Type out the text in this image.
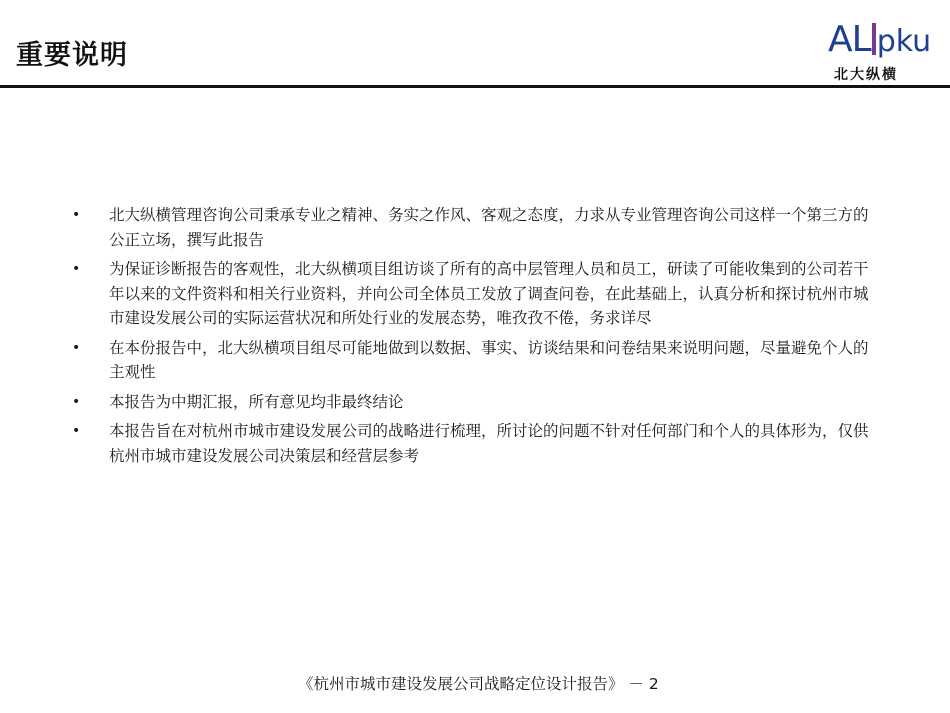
重要说明	AL pku
北大纵横
• 北大纵横管理咨询公司秉承专业之精神、务实之作风、客观之态度，力求从专业管理咨询公司这样一个第三方的公正立场，撰写此报告
• 为保证诊断报告的客观性，北大纵横项目组访谈了所有的高中层管理人员和员工，研读了可能收集到的公司若干年以来的文件资料和相关行业资料，并向公司全体员工发放了调查问卷，在此基础上，认真分析和探讨杭州市城市建设发展公司的实际运营状况和所处行业的发展态势，唯孜孜不倦，务求详尽
• 在本份报告中，北大纵横项目组尽可能地做到以数据、事实、访谈结果和问卷结果来说明问题，尽量避免个人的主观性
• 本报告为中期汇报，所有意见均非最终结论
• 本报告旨在对杭州市城市建设发展公司的战略进行梳理，所讨论的问题不针对任何部门和个人的具体形为，仅供杭州市城市建设发展公司决策层和经营层参考
《杭州市城市建设发展公司战略定位设计报告》 － 2
